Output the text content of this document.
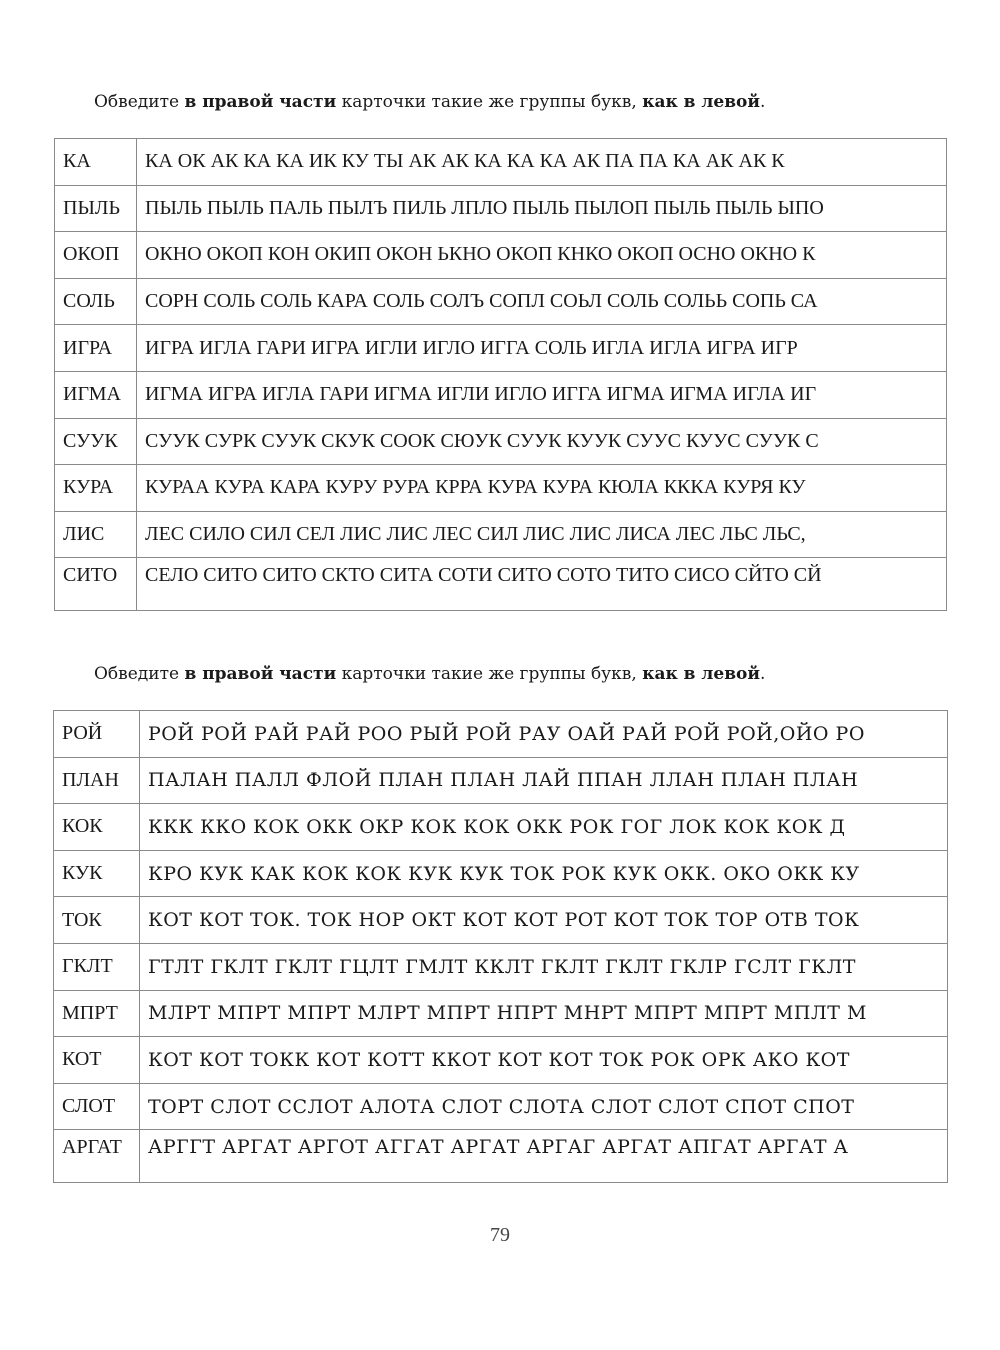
Обведите в правой части карточки такие же группы букв, как в левой.

КА	КА ОК АК КА КА ИК КУ ТЫ АК АК КА КА КА АК ПА ПА КА АК АК К
ПЫЛЬ	ПЫЛЬ ПЫЛЬ ПАЛЬ ПЫЛЪ ПИЛЬ ЛПЛО ПЫЛЬ ПЫЛОП ПЫЛЬ ПЫЛЬ ЫПО
ОКОП	ОКНО ОКОП КОН ОКИП ОКОН ЬКНО ОКОП КНКО ОКОП ОСНО ОКНО К
СОЛЬ	СОРН СОЛЬ СОЛЬ КАРА СОЛЬ СОЛЪ СОПЛ СОЬЛ СОЛЬ СОЛЬЬ СОПЬ СА
ИГРА	ИГРА ИГЛА ГАРИ ИГРА ИГЛИ ИГЛО ИГГА СОЛЬ ИГЛА ИГЛА ИГРА ИГР
ИГМА	ИГМА ИГРА ИГЛА ГАРИ ИГМА ИГЛИ ИГЛО ИГГА ИГМА ИГМА ИГЛА ИГ
СУУК	СУУК СУРК СУУК СКУК СООК СЮУК СУУК КУУК СУУС КУУС СУУК С
КУРА	КУРАА КУРА КАРА КУРУ РУРА КРРА КУРА КУРА КЮЛА КККА КУРЯ КУ
ЛИС	ЛЕС СИЛО СИЛ СЕЛ ЛИС ЛИС ЛЕС СИЛ ЛИС ЛИС ЛИСА ЛЕС ЛЬС ЛЬС,
СИТО	СЕЛО СИТО СИТО СКТО СИТА СОТИ СИТО СОТО ТИТО СИСО СЙТО СЙ

Обведите в правой части карточки такие же группы букв, как в левой.

РОЙ	РОЙ РОЙ РАЙ РАЙ РОО РЫЙ РОЙ РАУ ОАЙ РАЙ РОЙ РОЙ,ОЙО РО
ПЛАН	ПАЛАН ПАЛЛ ФЛОЙ ПЛАН ПЛАН ЛАЙ ППАН ЛЛАН ПЛАН ПЛАН
КОК	ККК ККО КОК ОКК ОКР КОК КОК ОКК РОК ГОГ ЛОК КОК КОК Д
КУК	КРО КУК КАК КОК КОК КУК КУК ТОК РОК КУК ОКК. ОКО ОКК КУ
ТОК	КОТ КОТ ТОК. ТОК НОР ОКТ КОТ КОТ РОТ КОТ ТОК ТОР ОТВ ТОК
ГКЛТ	ГТЛТ ГКЛТ ГКЛТ ГЦЛТ ГМЛТ ККЛТ ГКЛТ ГКЛТ ГКЛР ГСЛТ ГКЛТ
МПРТ	МЛРТ МПРТ МПРТ МЛРТ МПРТ НПРТ МНРТ МПРТ МПРТ МПЛТ М
КОТ	КОТ КОТ ТОКК КОТ КОТТ ККОТ КОТ КОТ ТОК РОК ОРК АКО КОТ
СЛОТ	ТОРТ СЛОТ ССЛОТ АЛОТА СЛОТ СЛОТА СЛОТ СЛОТ СПОТ СПОТ
АРГАТ	АРГГТ АРГАТ АРГОТ АГГАТ АРГАТ АРГАГ АРГАТ АПГАТ АРГАТ А
79
